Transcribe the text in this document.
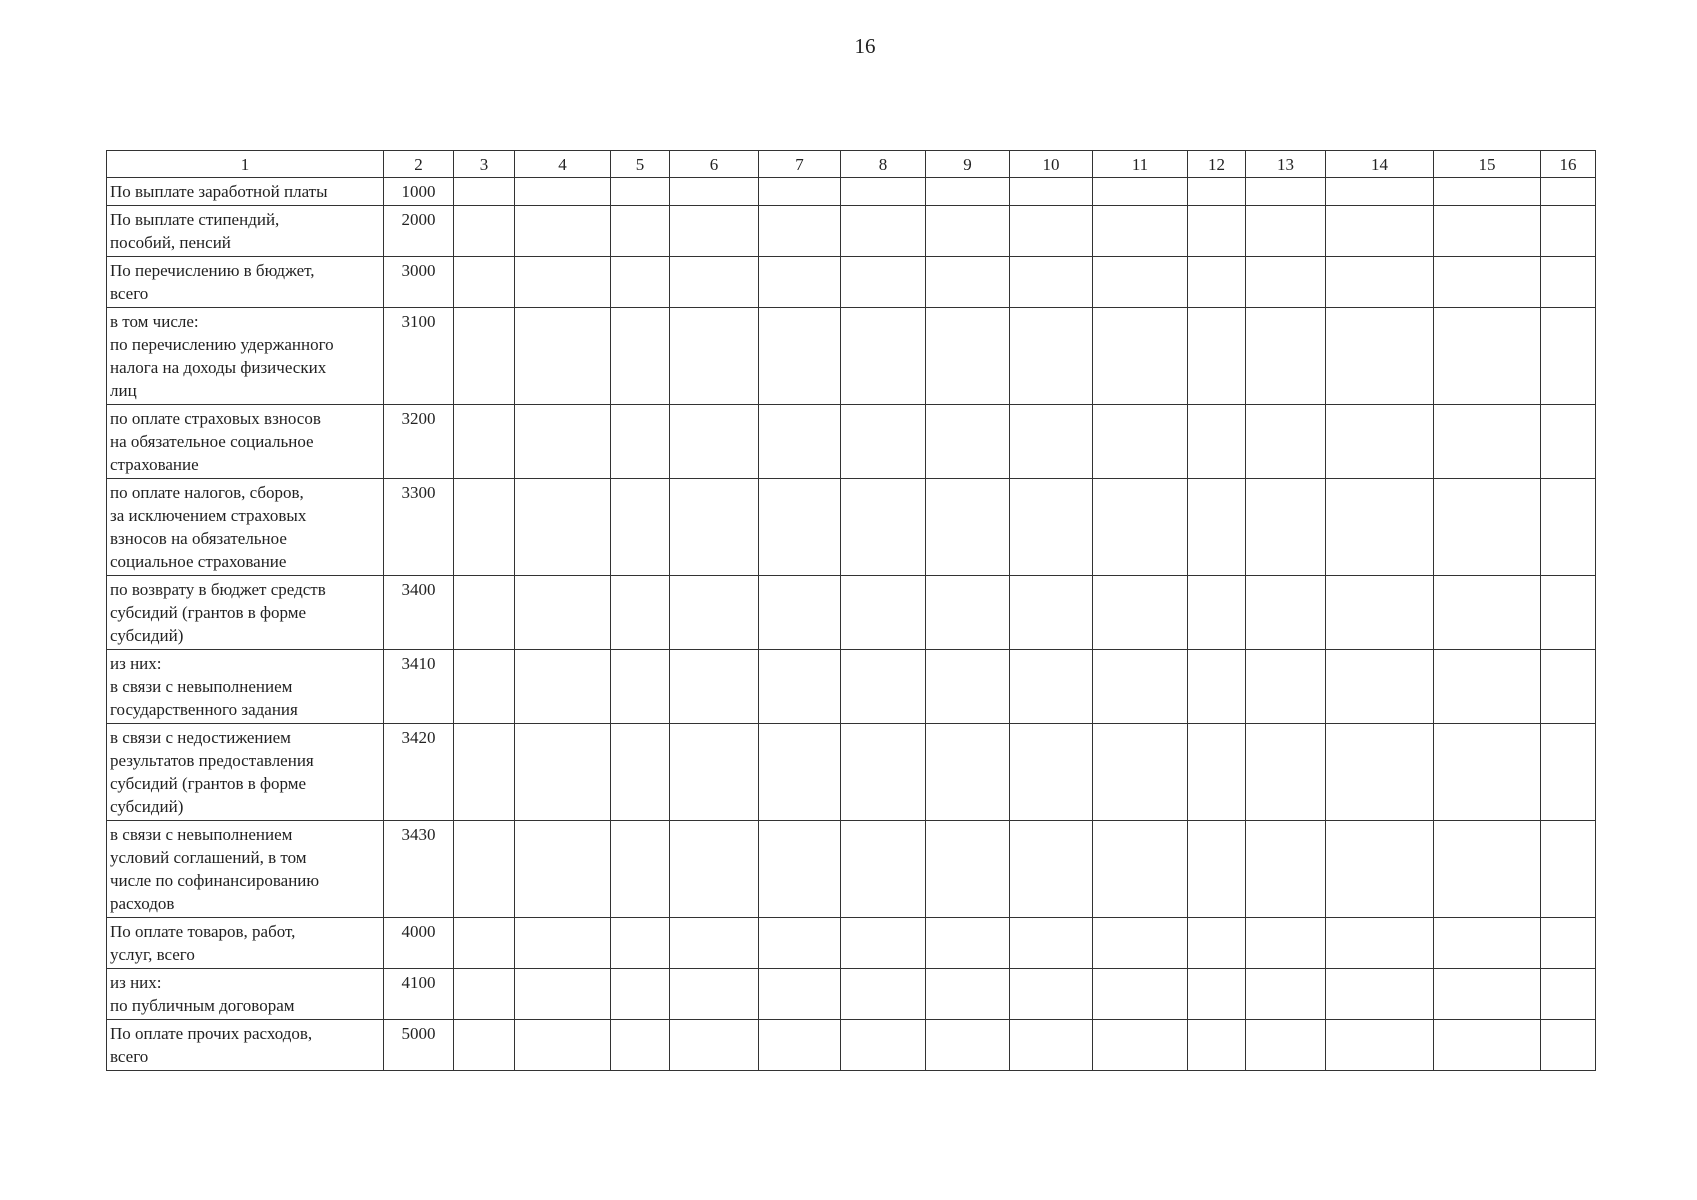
16
1	2	3	4	5	6	7	8	9	10	11	12	13	14	15	16

По выплате заработной платы	1000														

По выплате стипендий,
пособий, пенсий	2000														

По перечислению в бюджет,
всего	3000														

в том числе:
по перечислению удержанного
налога на доходы физических
лиц	3100														

по оплате страховых взносов
на обязательное социальное
страхование	3200														

по оплате налогов, сборов,
за исключением страховых
взносов на обязательное
социальное страхование	3300														

по возврату в бюджет средств
субсидий (грантов в форме
субсидий)	3400														

из них:
в связи с невыполнением
государственного задания	3410														

в связи с недостижением
результатов предоставления
субсидий (грантов в форме
субсидий)	3420														

в связи с невыполнением
условий соглашений, в том
числе по софинансированию
расходов	3430														

По оплате товаров, работ,
услуг, всего	4000														

из них:
по публичным договорам	4100														

По оплате прочих расходов,
всего	5000														
